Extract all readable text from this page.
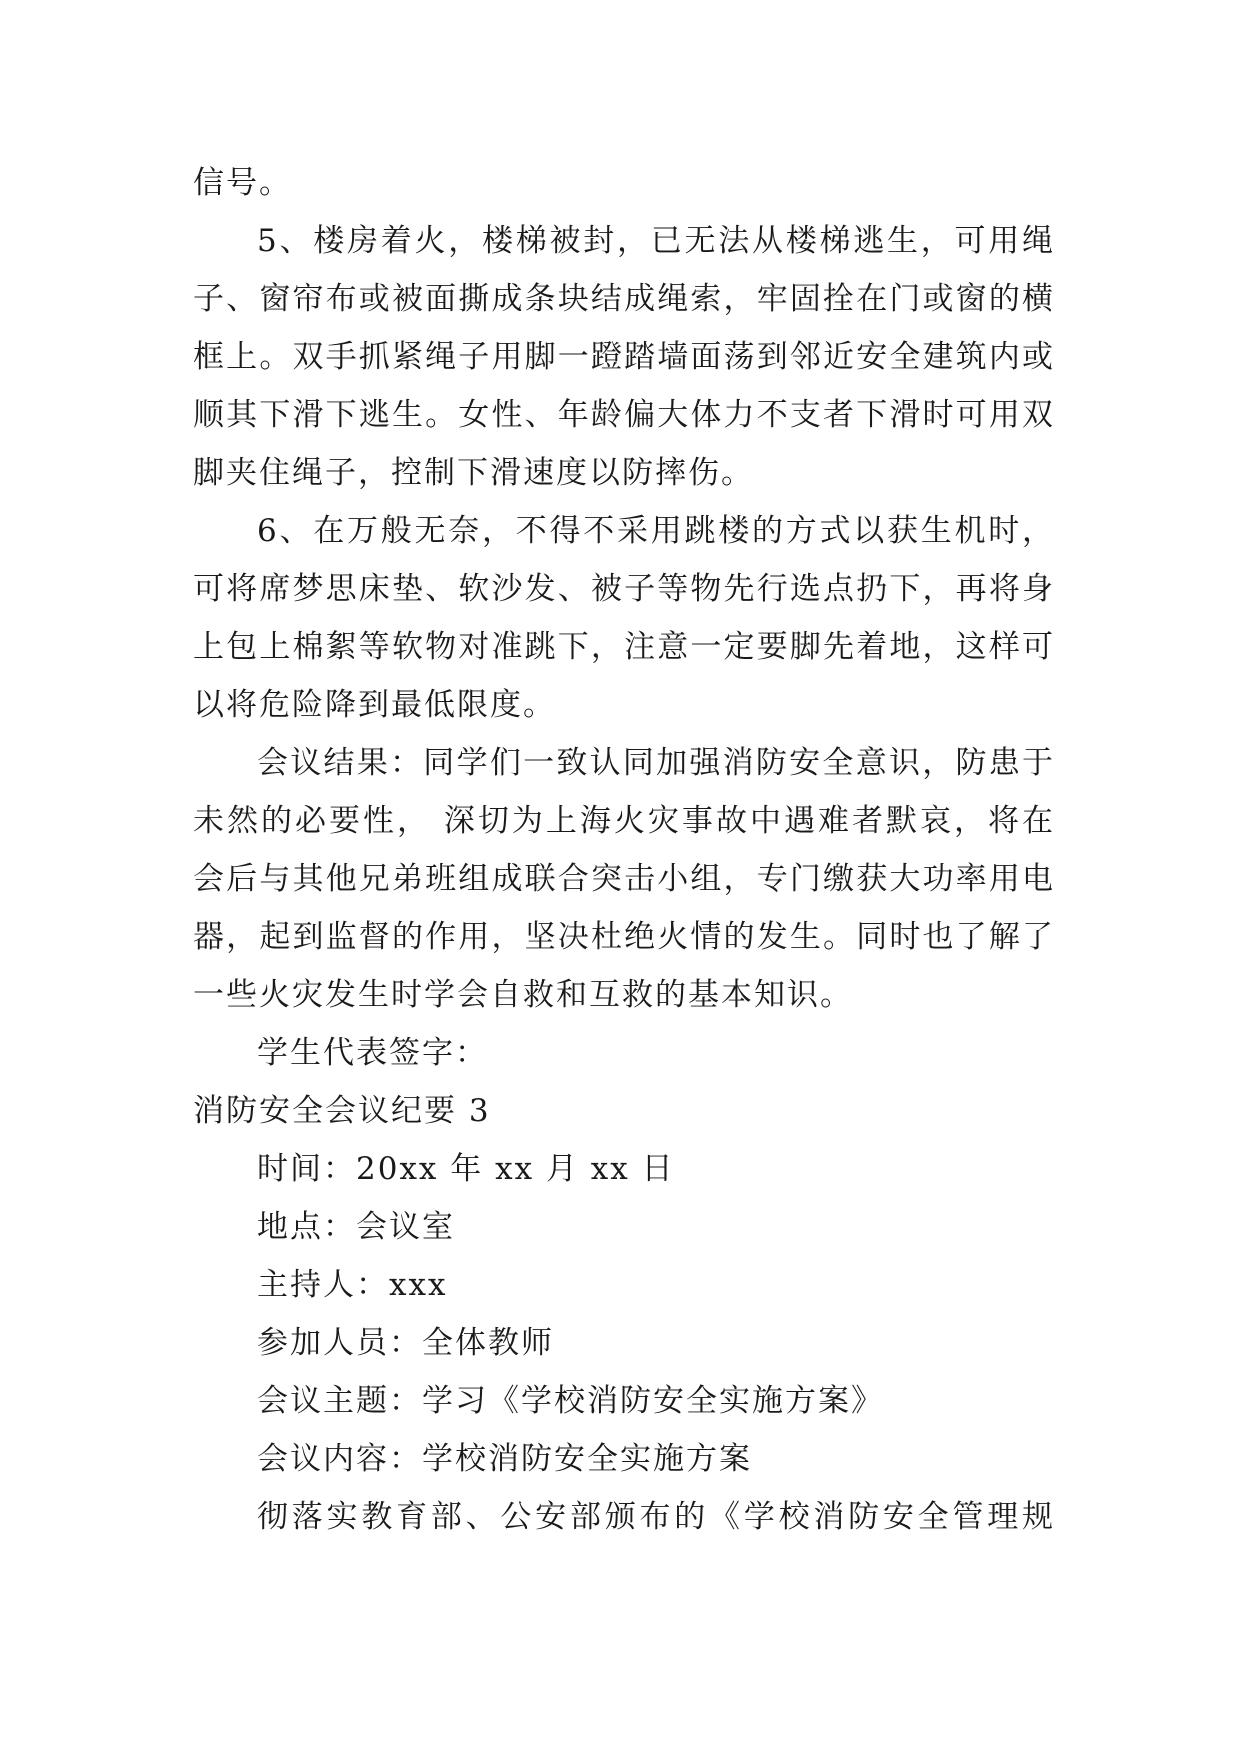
信号。
5、楼房着火，楼梯被封，已无法从楼梯逃生，可用绳
子、窗帘布或被面撕成条块结成绳索，牢固拴在门或窗的横
框上。双手抓紧绳子用脚一蹬踏墙面荡到邻近安全建筑内或
顺其下滑下逃生。女性、年龄偏大体力不支者下滑时可用双
脚夹住绳子，控制下滑速度以防摔伤。
6、在万般无奈，不得不采用跳楼的方式以获生机时，
可将席梦思床垫、软沙发、被子等物先行选点扔下，再将身
上包上棉絮等软物对准跳下，注意一定要脚先着地，这样可
以将危险降到最低限度。
会议结果：同学们一致认同加强消防安全意识，防患于
未然的必要性， 深切为上海火灾事故中遇难者默哀，将在
会后与其他兄弟班组成联合突击小组，专门缴获大功率用电
器，起到监督的作用，坚决杜绝火情的发生。同时也了解了
一些火灾发生时学会自救和互救的基本知识。
学生代表签字：
消防安全会议纪要 3
时间：20xx 年 xx 月 xx 日
地点：会议室
主持人：xxx
参加人员：全体教师
会议主题：学习《学校消防安全实施方案》
会议内容：学校消防安全实施方案
彻落实教育部、公安部颁布的《学校消防安全管理规
